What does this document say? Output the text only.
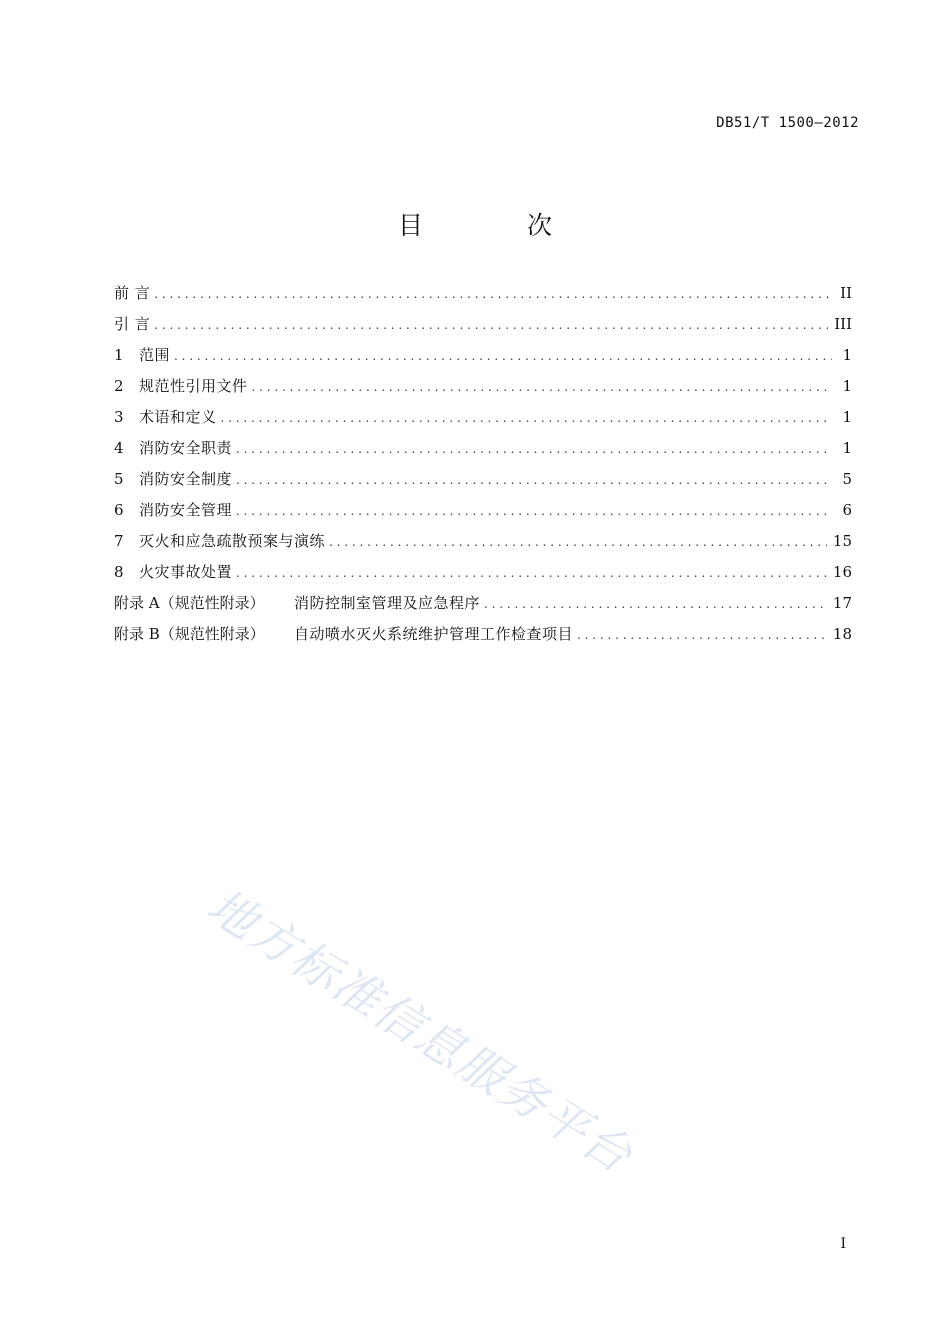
DB51/T 1500—2012
目 次
前 言 . . .	II
引 言 . . .	III
1	范围 . . .	1
2	规范性引用文件 . . .	1
3	术语和定义 . . .	1
4	消防安全职责 . . .	1
5	消防安全制度 . . .	5
6	消防安全管理 . . .	6
7	灭火和应急疏散预案与演练 . . .	15
8	火灾事故处置 . . .	16
附录 A（规范性附录）	消防控制室管理及应急程序 . . .	17
附录 B（规范性附录）	自动喷水灭火系统维护管理工作检查项目 . . .	18
地方标准信息服务平台
I
